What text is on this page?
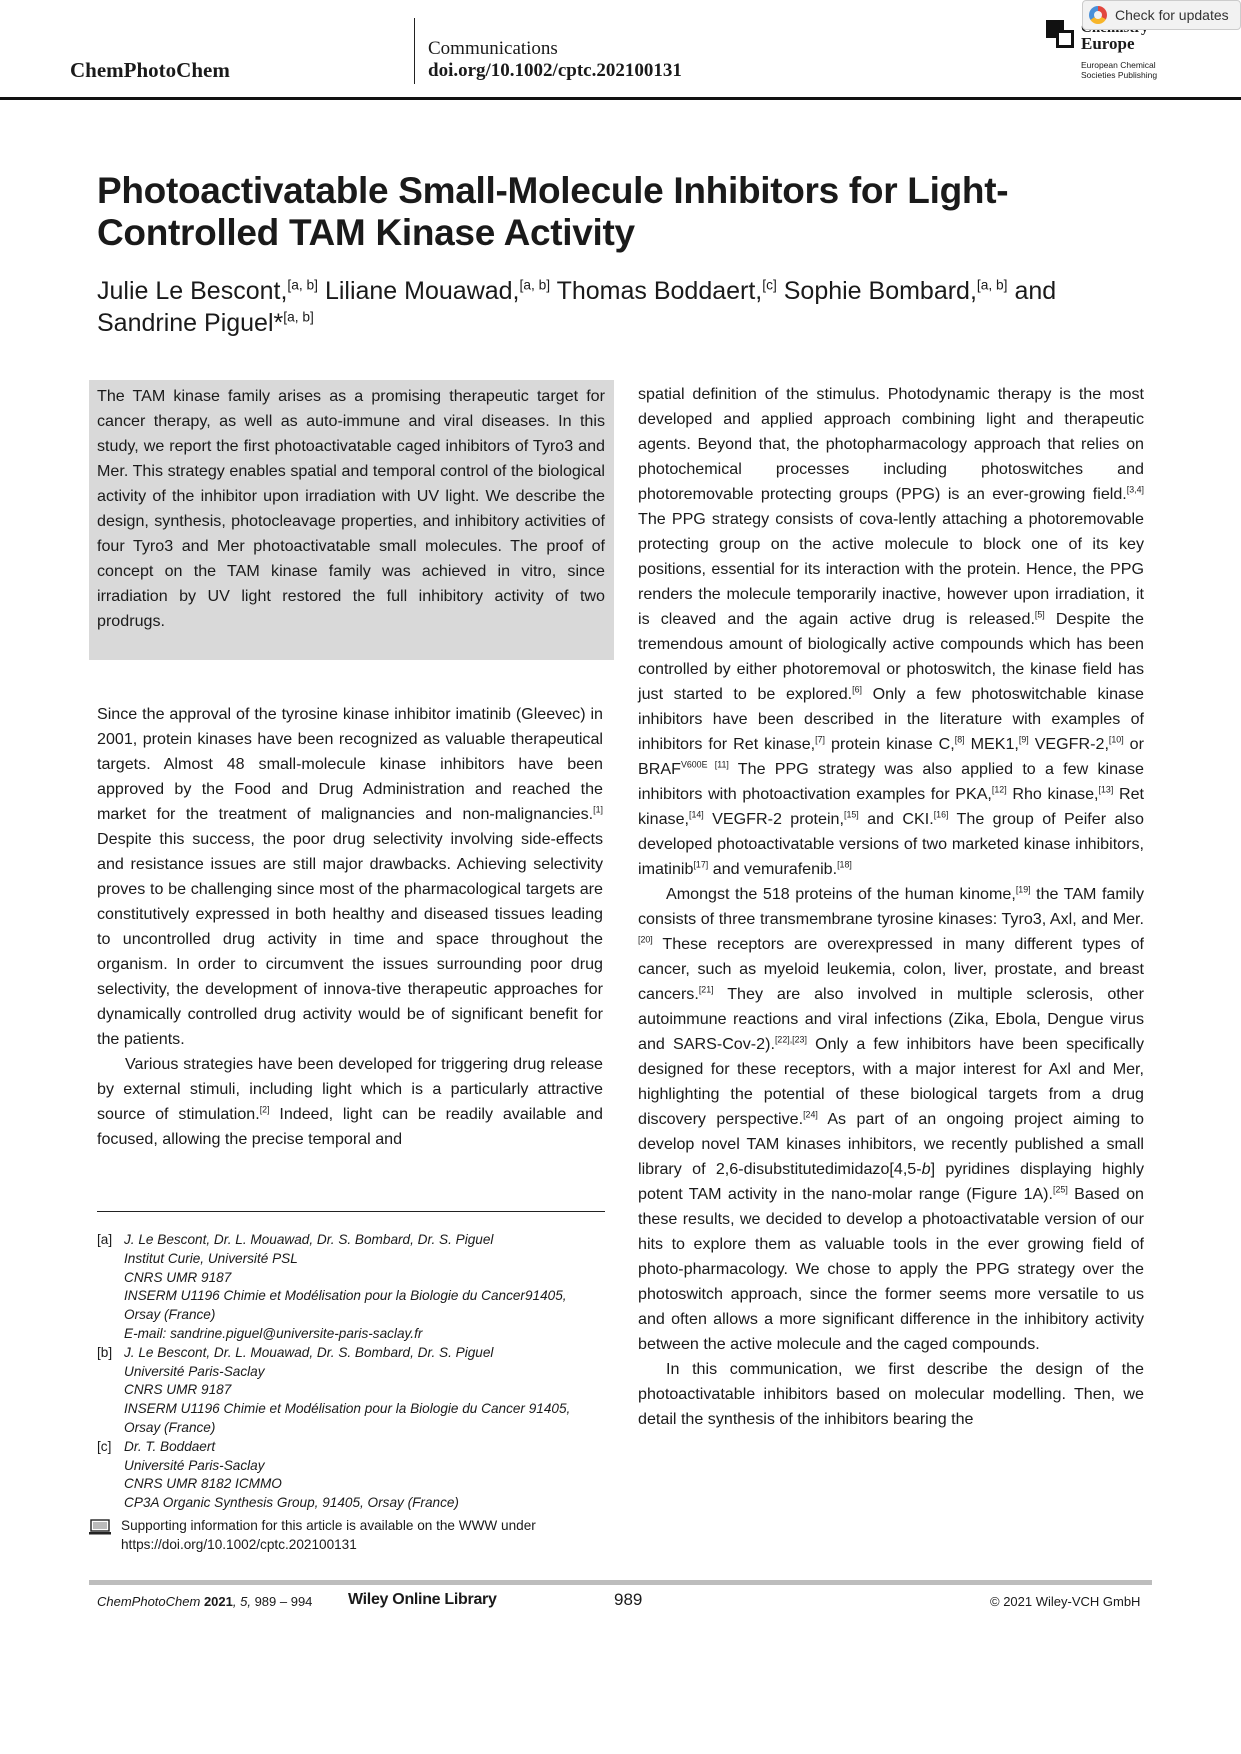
ChemPhotoChem
Communications
doi.org/10.1002/cptc.202100131
Europe
European Chemical Societies Publishing
Check for updates
Photoactivatable Small-Molecule Inhibitors for Light-Controlled TAM Kinase Activity
Julie Le Bescont,[a, b] Liliane Mouawad,[a, b] Thomas Boddaert,[c] Sophie Bombard,[a, b] and Sandrine Piguel*[a, b]
The TAM kinase family arises as a promising therapeutic target for cancer therapy, as well as auto-immune and viral diseases. In this study, we report the first photoactivatable caged inhibitors of Tyro3 and Mer. This strategy enables spatial and temporal control of the biological activity of the inhibitor upon irradiation with UV light. We describe the design, synthesis, photocleavage properties, and inhibitory activities of four Tyro3 and Mer photoactivatable small molecules. The proof of concept on the TAM kinase family was achieved in vitro, since irradiation by UV light restored the full inhibitory activity of two prodrugs.

Since the approval of the tyrosine kinase inhibitor imatinib (Gleevec) in 2001, protein kinases have been recognized as valuable therapeutical targets. Almost 48 small-molecule kinase inhibitors have been approved by the Food and Drug Administration and reached the market for the treatment of malignancies and non-malignancies.[1] Despite this success, the poor drug selectivity involving side-effects and resistance issues are still major drawbacks. Achieving selectivity proves to be challenging since most of the pharmacological targets are constitutively expressed in both healthy and diseased tissues leading to uncontrolled drug activity in time and space throughout the organism. In order to circumvent the issues surrounding poor drug selectivity, the development of innova-tive therapeutic approaches for dynamically controlled drug activity would be of significant benefit for the patients.

Various strategies have been developed for triggering drug release by external stimuli, including light which is a particularly attractive source of stimulation.[2] Indeed, light can be readily available and focused, allowing the precise temporal and

spatial definition of the stimulus. Photodynamic therapy is the most developed and applied approach combining light and therapeutic agents. Beyond that, the photopharmacology approach that relies on photochemical processes including photoswitches and photoremovable protecting groups (PPG) is an ever-growing field.[3,4] The PPG strategy consists of cova-lently attaching a photoremovable protecting group on the active molecule to block one of its key positions, essential for its interaction with the protein. Hence, the PPG renders the molecule temporarily inactive, however upon irradiation, it is cleaved and the again active drug is released.[5] Despite the tremendous amount of biologically active compounds which has been controlled by either photoremoval or photoswitch, the kinase field has just started to be explored.[6] Only a few photoswitchable kinase inhibitors have been described in the literature with examples of inhibitors for Ret kinase,[7] protein kinase C,[8] MEK1,[9] VEGFR-2,[10] or $BRAF^{V600E}$ [11] The PPG strategy was also applied to a few kinase inhibitors with photoactivation examples for PKA,[12] Rho kinase,[13] Ret kinase,[14] VEGFR-2 protein,[15] and CKI.[16] The group of Peifer also developed photoactivatable versions of two marketed kinase inhibitors, imatinib[17] and vemurafenib.[18]

Amongst the 518 proteins of the human kinome,[19] the TAM family consists of three transmembrane tyrosine kinases: Tyro3, Axl, and Mer.[20] These receptors are overexpressed in many different types of cancer, such as myeloid leukemia, colon, liver, prostate, and breast cancers.[21] They are also involved in multiple sclerosis, other autoimmune reactions and viral infections (Zika, Ebola, Dengue virus and SARS-Cov-2).[22],[23] Only a few inhibitors have been specifically designed for these receptors, with a major interest for Axl and Mer, highlighting the potential of these biological targets from a drug discovery perspective.[24] As part of an ongoing project aiming to develop novel TAM kinases inhibitors, we recently published a small library of 2,6-disubstitutedimidazo[4,5-b] pyridines displaying highly potent TAM activity in the nano-molar range (Figure 1A).[25] Based on these results, we decided to develop a photoactivatable version of our hits to explore them as valuable tools in the ever growing field of photo-pharmacology. We chose to apply the PPG strategy over the photoswitch approach, since the former seems more versatile to us and often allows a more significant difference in the inhibitory activity between the active molecule and the caged compounds.

In this communication, we first describe the design of the photoactivatable inhibitors based on molecular modelling. Then, we detail the synthesis of the inhibitors bearing the

[a] J. Le Bescont, Dr. L. Mouawad, Dr. S. Bombard, Dr. S. Piguel
Institut Curie, Université PSL
CNRS UMR 9187
INSERM U1196 Chimie et Modélisation pour la Biologie du Cancer91405,
Orsay (France)
E-mail: sandrine.piguel@universite-paris-saclay.fr
[b] J. Le Bescont, Dr. L. Mouawad, Dr. S. Bombard, Dr. S. Piguel
Université Paris-Saclay
CNRS UMR 9187
INSERM U1196 Chimie et Modélisation pour la Biologie du Cancer 91405,
Orsay (France)
[c] Dr. T. Boddaert
Université Paris-Saclay
CNRS UMR 8182 ICMMO
CP3A Organic Synthesis Group, 91405, Orsay (France)
Supporting information for this article is available on the WWW under https://doi.org/10.1002/cptc.202100131
ChemPhotoChem 2021, 5, 989 – 994 Wiley Online Library	989	© 2021 Wiley-VCH GmbH
